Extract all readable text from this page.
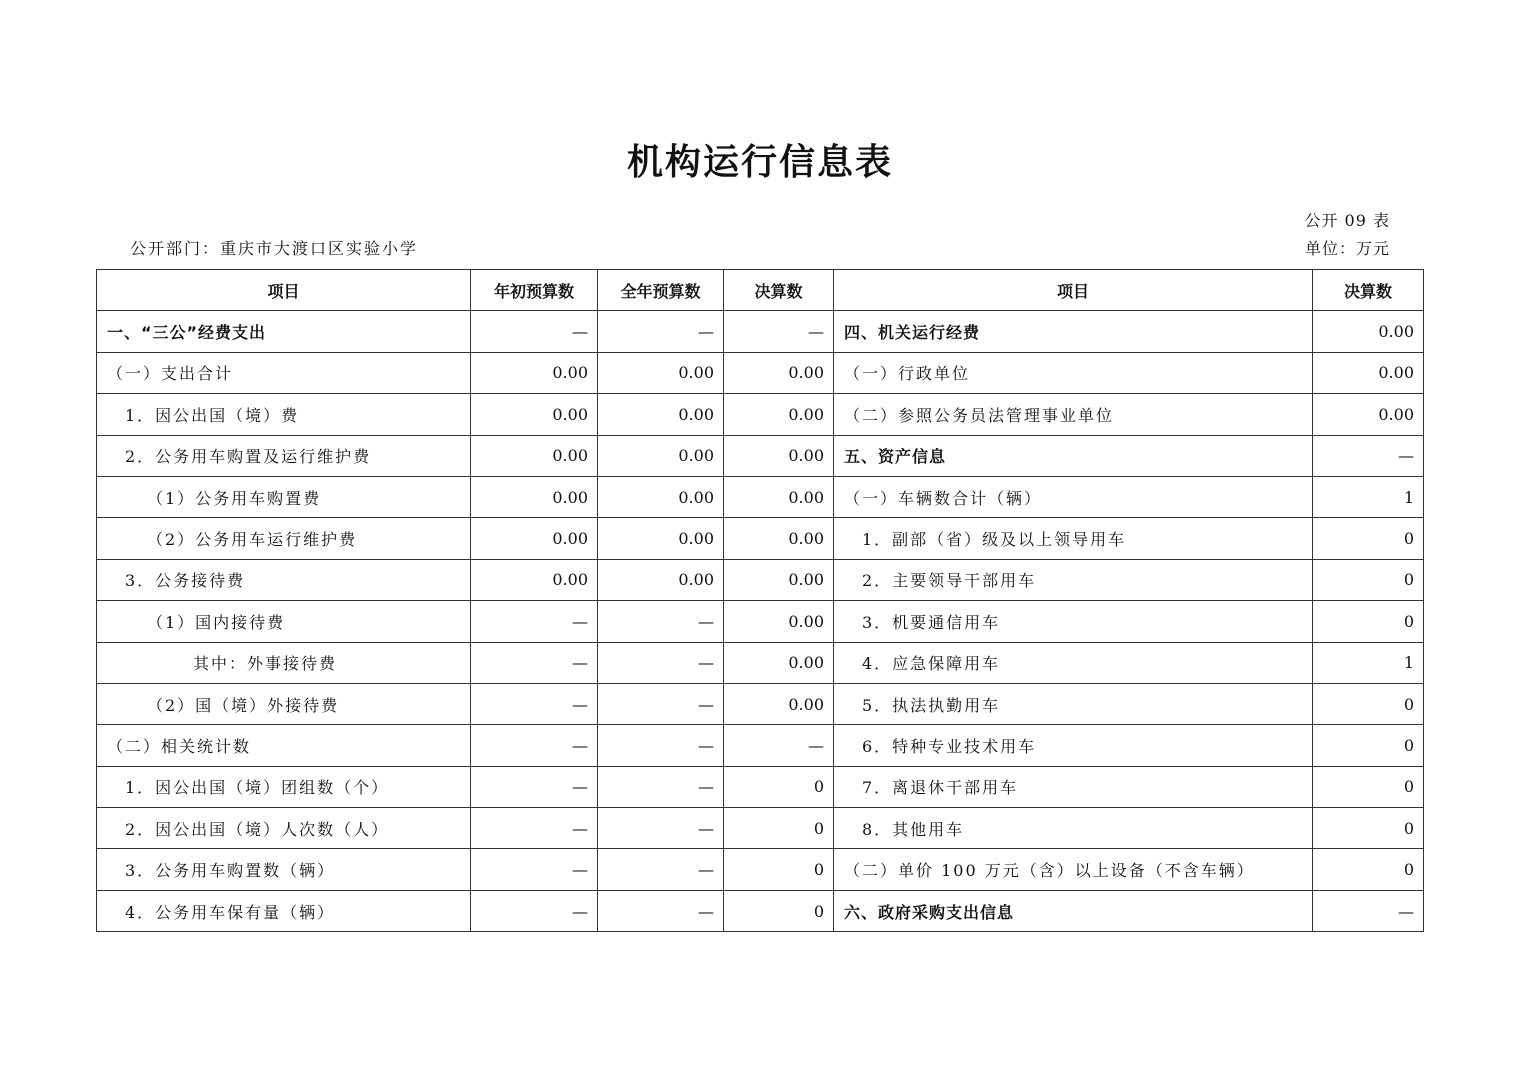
机构运行信息表
公开 09 表
公开部门：重庆市大渡口区实验小学	单位：万元
项目	年初预算数	全年预算数	决算数	项目	决算数
一、“三公”经费支出	—	—	—	四、机关运行经费	0.00
（一）支出合计	0.00	0.00	0.00	（一）行政单位	0.00
1．因公出国（境）费	0.00	0.00	0.00	（二）参照公务员法管理事业单位	0.00
2．公务用车购置及运行维护费	0.00	0.00	0.00	五、资产信息	—
（1）公务用车购置费	0.00	0.00	0.00	（一）车辆数合计（辆）	1
（2）公务用车运行维护费	0.00	0.00	0.00	1．副部（省）级及以上领导用车	0
3．公务接待费	0.00	0.00	0.00	2．主要领导干部用车	0
（1）国内接待费	—	—	0.00	3．机要通信用车	0
其中：外事接待费	—	—	0.00	4．应急保障用车	1
（2）国（境）外接待费	—	—	0.00	5．执法执勤用车	0
（二）相关统计数	—	—	—	6．特种专业技术用车	0
1．因公出国（境）团组数（个）	—	—	0	7．离退休干部用车	0
2．因公出国（境）人次数（人）	—	—	0	8．其他用车	0
3．公务用车购置数（辆）	—	—	0	（二）单价 100 万元（含）以上设备（不含车辆）	0
4．公务用车保有量（辆）	—	—	0	六、政府采购支出信息	—
